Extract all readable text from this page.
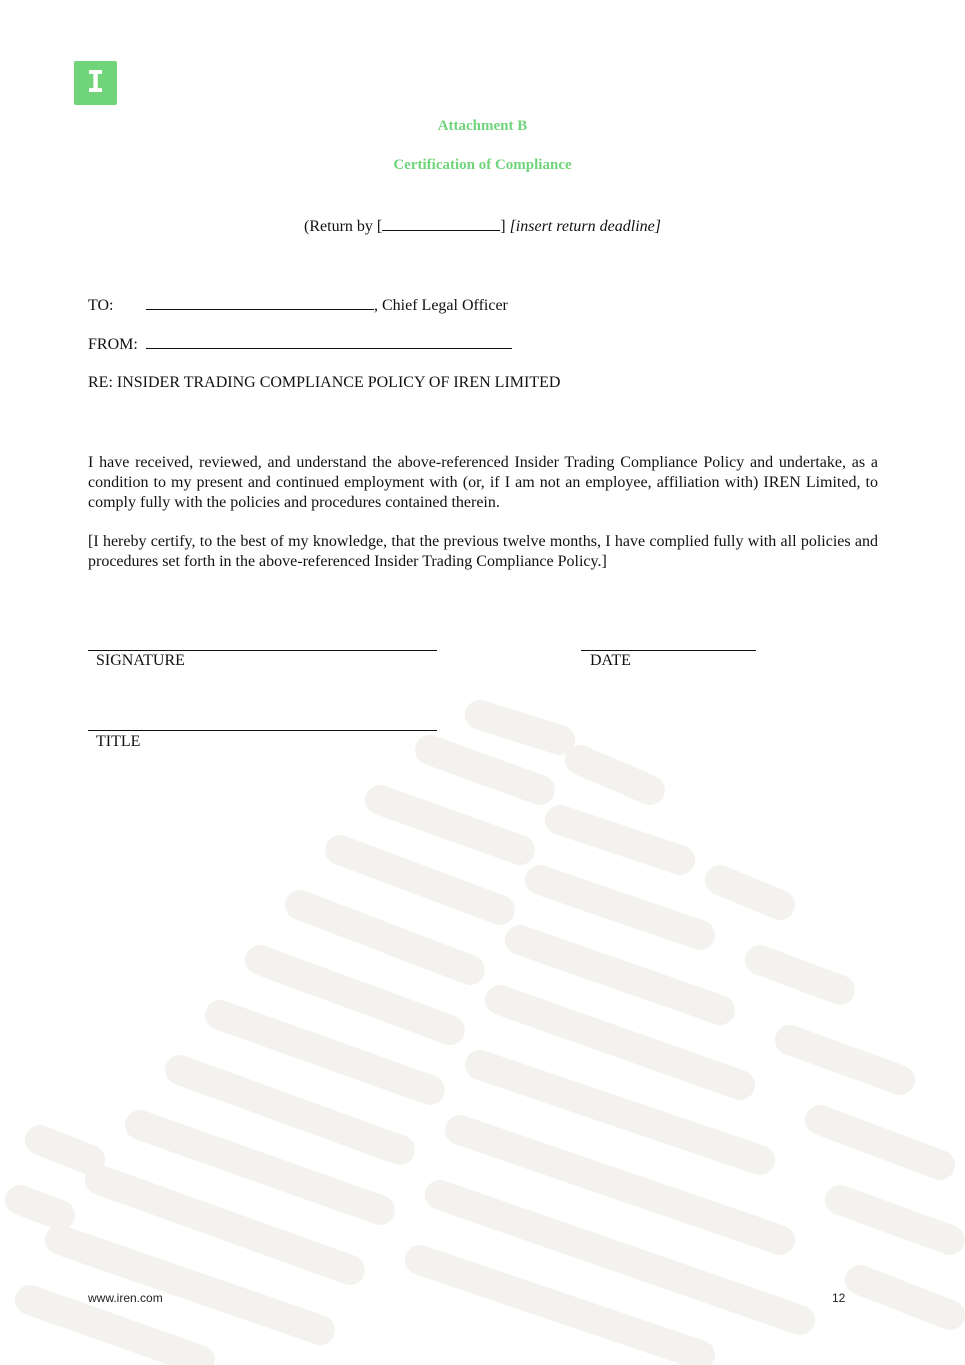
I
Attachment B
Certification of Compliance
(Return by [	] [insert return deadline]
TO:	, Chief Legal Officer
FROM:
RE: INSIDER TRADING COMPLIANCE POLICY OF IREN LIMITED
I have received, reviewed, and understand the above-referenced Insider Trading Compliance Policy and undertake, as a condition to my present and continued employment with (or, if I am not an employee, affiliation with) IREN Limited, to comply fully with the policies and procedures contained therein.
[I hereby certify, to the best of my knowledge, that the previous twelve months, I have complied fully with all policies and procedures set forth in the above-referenced Insider Trading Compliance Policy.]
SIGNATURE	DATE
TITLE
www.iren.com	12
